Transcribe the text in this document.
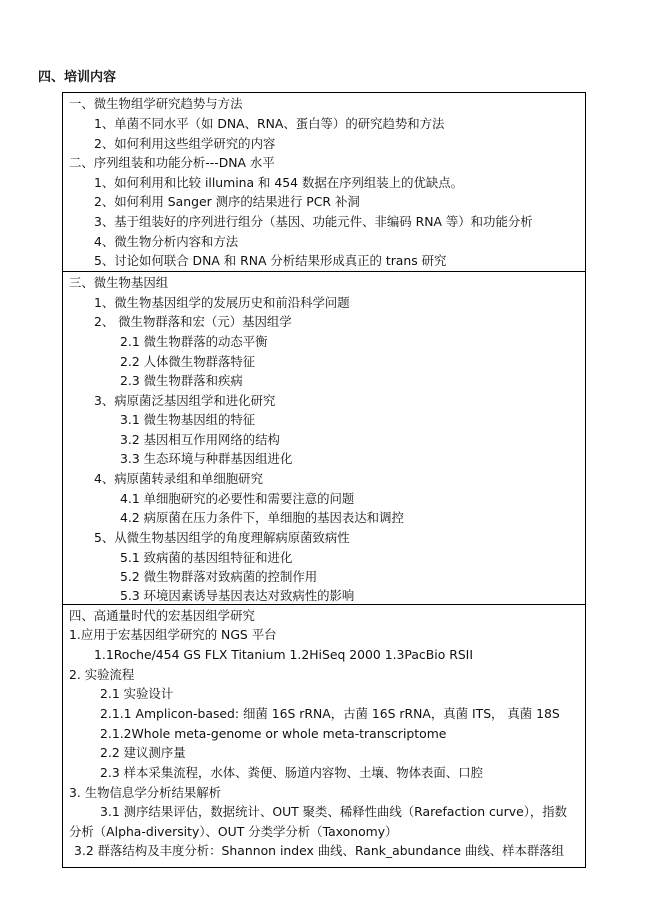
四、培训内容
一、微生物组学研究趋势与方法
1、单菌不同水平（如 DNA、RNA、蛋白等）的研究趋势和方法
2、如何利用这些组学研究的内容
二、序列组装和功能分析---DNA 水平
1、如何利用和比较 illumina 和 454 数据在序列组装上的优缺点。
2、如何利用 Sanger 测序的结果进行 PCR 补洞
3、基于组装好的序列进行组分（基因、功能元件、非编码 RNA 等）和功能分析
4、微生物分析内容和方法
5、讨论如何联合 DNA 和 RNA 分析结果形成真正的 trans 研究
三、微生物基因组
1、微生物基因组学的发展历史和前沿科学问题
2、 微生物群落和宏（元）基因组学
2.1 微生物群落的动态平衡
2.2 人体微生物群落特征
2.3 微生物群落和疾病
3、病原菌泛基因组学和进化研究
3.1 微生物基因组的特征
3.2 基因相互作用网络的结构
3.3 生态环境与种群基因组进化
4、病原菌转录组和单细胞研究
4.1 单细胞研究的必要性和需要注意的问题
4.2 病原菌在压力条件下，单细胞的基因表达和调控
5、从微生物基因组学的角度理解病原菌致病性
5.1 致病菌的基因组特征和进化
5.2 微生物群落对致病菌的控制作用
5.3 环境因素诱导基因表达对致病性的影响
四、高通量时代的宏基因组学研究
1.应用于宏基因组学研究的 NGS 平台
1.1Roche/454 GS FLX Titanium 1.2HiSeq 2000 1.3PacBio RSII
2. 实验流程
2.1 实验设计
2.1.1 Amplicon-based: 细菌 16S rRNA，古菌 16S rRNA，真菌 ITS， 真菌 18S
2.1.2Whole meta-genome or whole meta-transcriptome
2.2 建议测序量
2.3 样本采集流程，水体、粪便、肠道内容物、土壤、物体表面、口腔
3. 生物信息学分析结果解析
3.1 测序结果评估，数据统计、OUT 聚类、稀释性曲线（Rarefaction curve），指数
分析（Alpha-diversity）、OUT 分类学分析（Taxonomy）
3.2 群落结构及丰度分析：Shannon index 曲线、Rank_abundance 曲线、样本群落组
